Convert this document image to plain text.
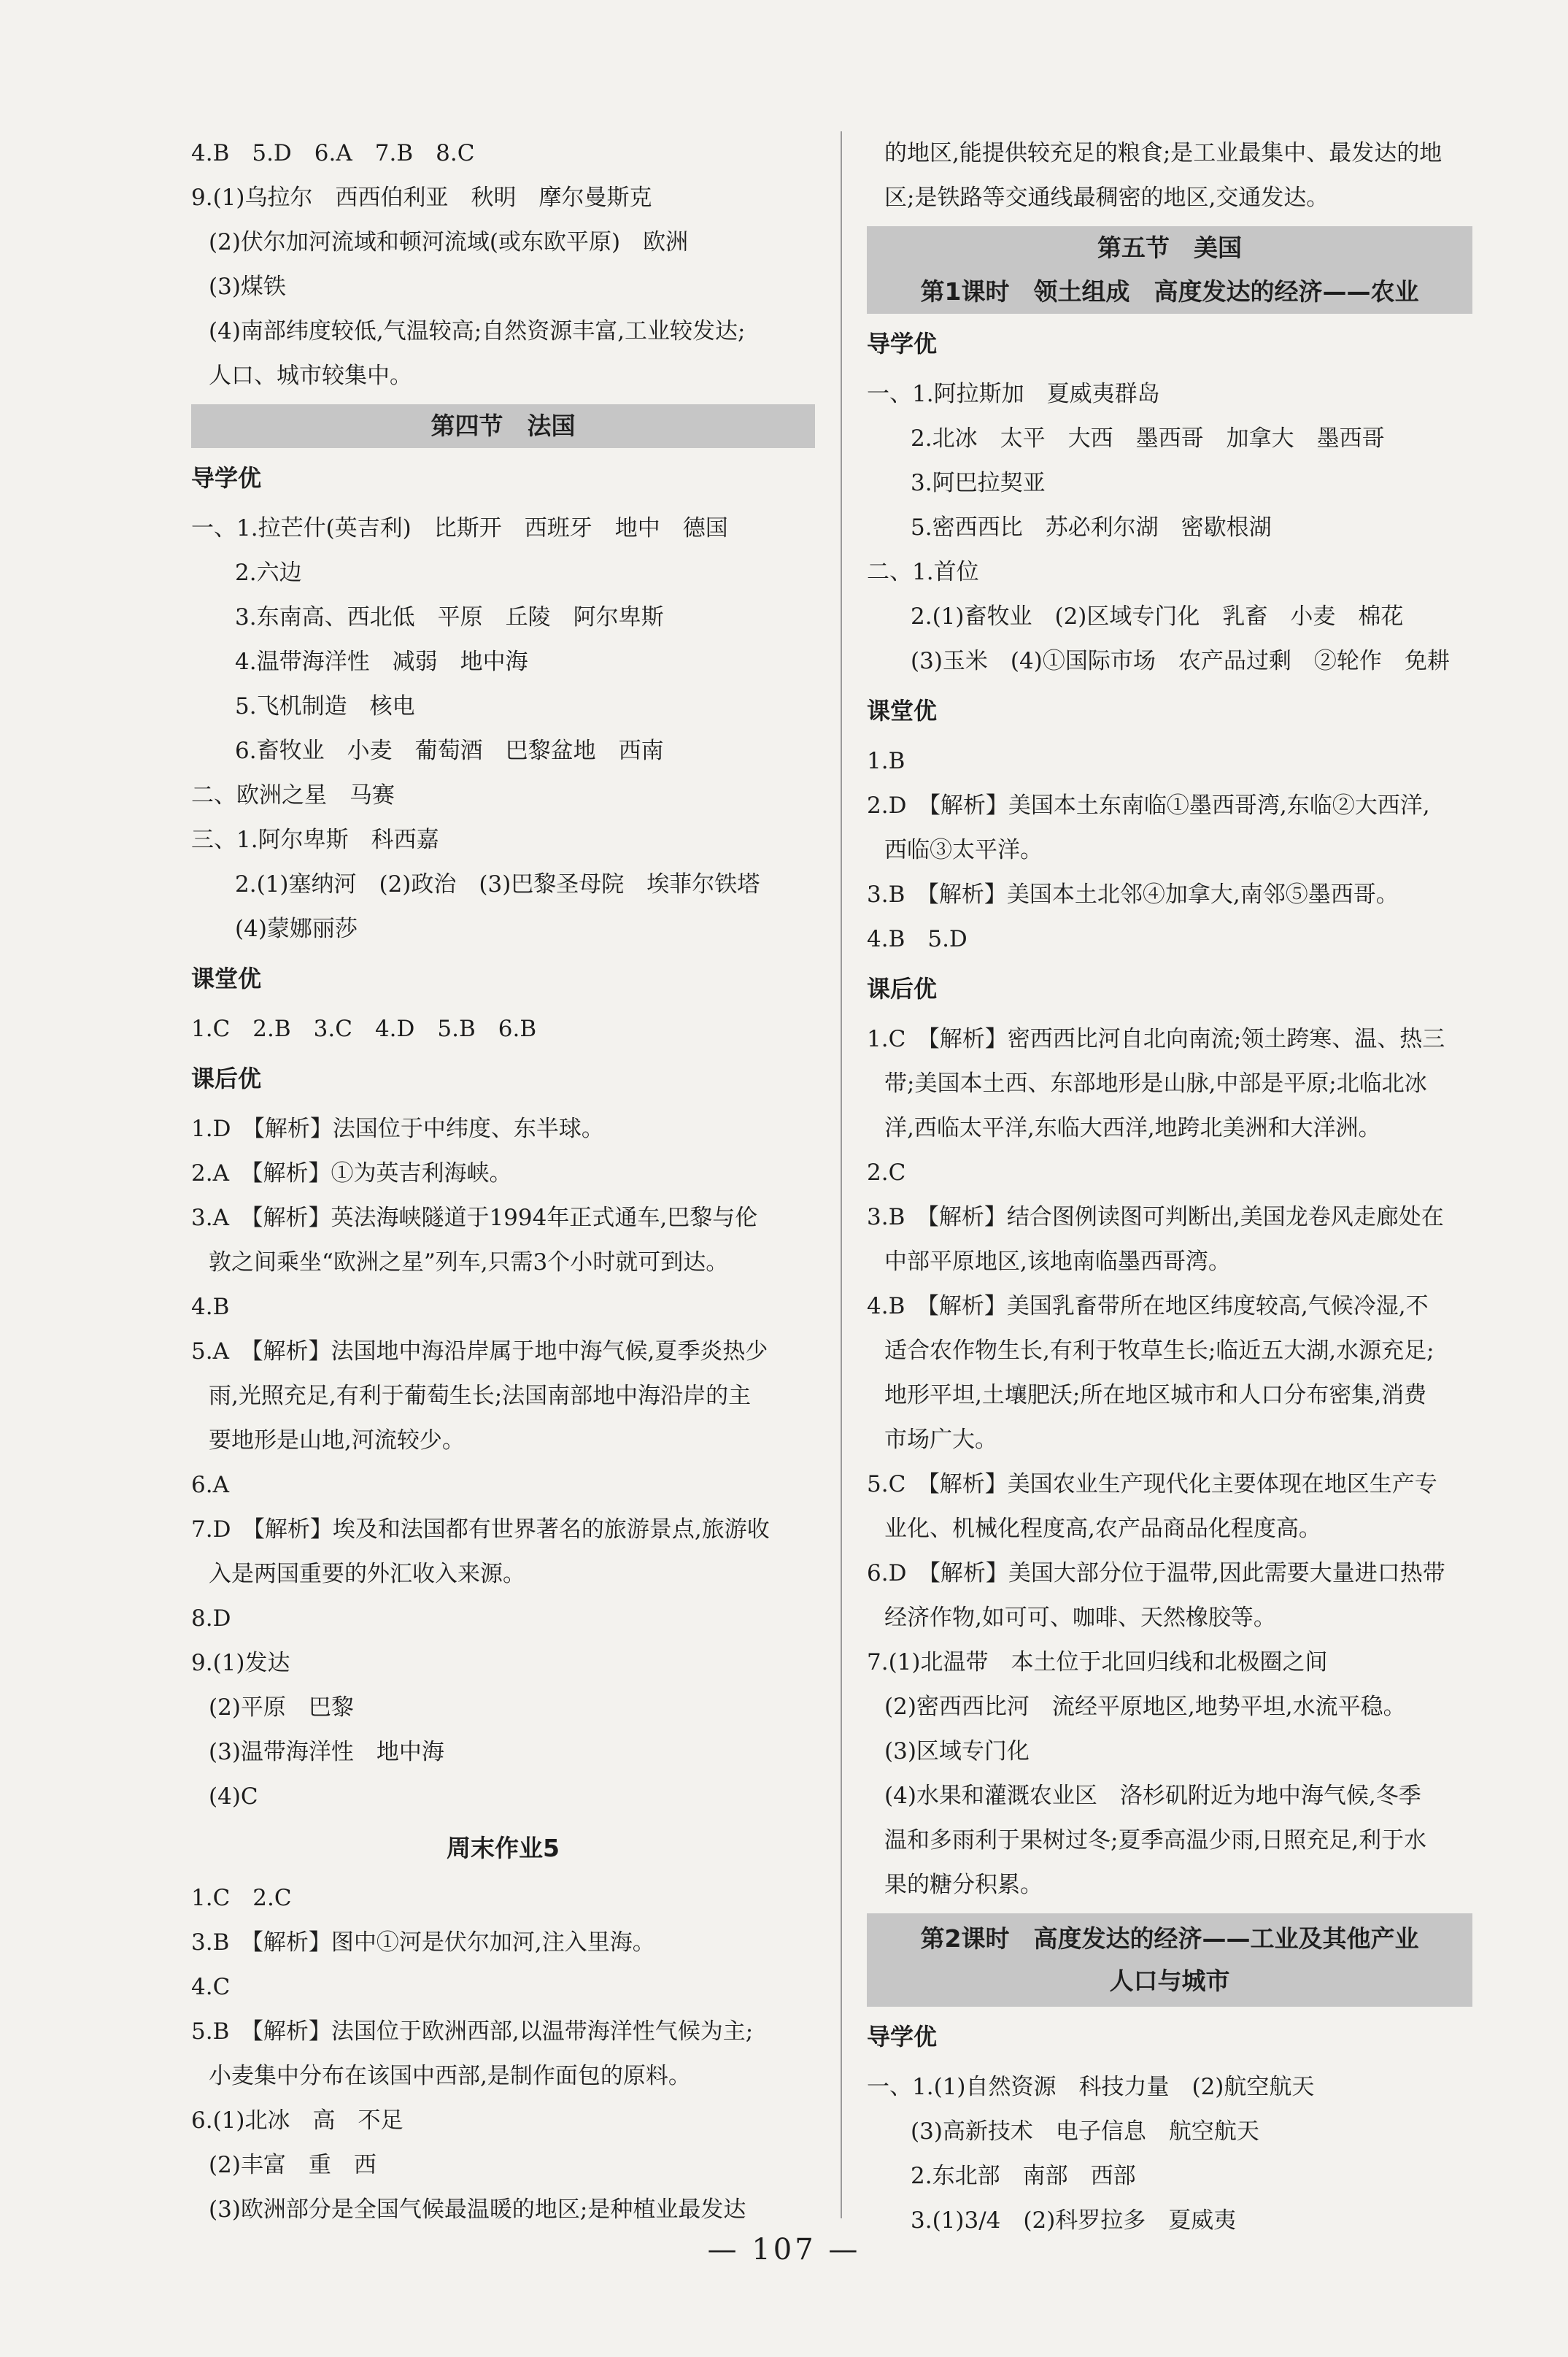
4.B　5.D　6.A　7.B　8.C
9.(1)乌拉尔　西西伯利亚　秋明　摩尔曼斯克
(2)伏尔加河流域和顿河流域(或东欧平原)　欧洲
(3)煤铁
(4)南部纬度较低,气温较高;自然资源丰富,工业较发达;
人口、城市较集中。
第四节　法国
导学优
一、1.拉芒什(英吉利)　比斯开　西班牙　地中　德国
2.六边
3.东南高、西北低　平原　丘陵　阿尔卑斯
4.温带海洋性　减弱　地中海
5.飞机制造　核电
6.畜牧业　小麦　葡萄酒　巴黎盆地　西南
二、欧洲之星　马赛
三、1.阿尔卑斯　科西嘉
2.(1)塞纳河　(2)政治　(3)巴黎圣母院　埃菲尔铁塔
(4)蒙娜丽莎
课堂优
1.C　2.B　3.C　4.D　5.B　6.B
课后优
1.D　【解析】法国位于中纬度、东半球。
2.A　【解析】①为英吉利海峡。
3.A　【解析】英法海峡隧道于1994年正式通车,巴黎与伦
敦之间乘坐“欧洲之星”列车,只需3个小时就可到达。
4.B
5.A　【解析】法国地中海沿岸属于地中海气候,夏季炎热少
雨,光照充足,有利于葡萄生长;法国南部地中海沿岸的主
要地形是山地,河流较少。
6.A
7.D　【解析】埃及和法国都有世界著名的旅游景点,旅游收
入是两国重要的外汇收入来源。
8.D
9.(1)发达
(2)平原　巴黎
(3)温带海洋性　地中海
(4)C
周末作业5
1.C　2.C
3.B　【解析】图中①河是伏尔加河,注入里海。
4.C
5.B　【解析】法国位于欧洲西部,以温带海洋性气候为主;
小麦集中分布在该国中西部,是制作面包的原料。
6.(1)北冰　高　不足
(2)丰富　重　西
(3)欧洲部分是全国气候最温暖的地区;是种植业最发达
的地区,能提供较充足的粮食;是工业最集中、最发达的地
区;是铁路等交通线最稠密的地区,交通发达。
第五节　美国
第1课时　领土组成　高度发达的经济——农业
导学优
一、1.阿拉斯加　夏威夷群岛
2.北冰　太平　大西　墨西哥　加拿大　墨西哥
3.阿巴拉契亚
5.密西西比　苏必利尔湖　密歇根湖
二、1.首位
2.(1)畜牧业　(2)区域专门化　乳畜　小麦　棉花
(3)玉米　(4)①国际市场　农产品过剩　②轮作　免耕
课堂优
1.B
2.D　【解析】美国本土东南临①墨西哥湾,东临②大西洋,
西临③太平洋。
3.B　【解析】美国本土北邻④加拿大,南邻⑤墨西哥。
4.B　5.D
课后优
1.C　【解析】密西西比河自北向南流;领土跨寒、温、热三
带;美国本土西、东部地形是山脉,中部是平原;北临北冰
洋,西临太平洋,东临大西洋,地跨北美洲和大洋洲。
2.C
3.B　【解析】结合图例读图可判断出,美国龙卷风走廊处在
中部平原地区,该地南临墨西哥湾。
4.B　【解析】美国乳畜带所在地区纬度较高,气候冷湿,不
适合农作物生长,有利于牧草生长;临近五大湖,水源充足;
地形平坦,土壤肥沃;所在地区城市和人口分布密集,消费
市场广大。
5.C　【解析】美国农业生产现代化主要体现在地区生产专
业化、机械化程度高,农产品商品化程度高。
6.D　【解析】美国大部分位于温带,因此需要大量进口热带
经济作物,如可可、咖啡、天然橡胶等。
7.(1)北温带　本土位于北回归线和北极圈之间
(2)密西西比河　流经平原地区,地势平坦,水流平稳。
(3)区域专门化
(4)水果和灌溉农业区　洛杉矶附近为地中海气候,冬季
温和多雨利于果树过冬;夏季高温少雨,日照充足,利于水
果的糖分积累。
第2课时　高度发达的经济——工业及其他产业
人口与城市
导学优
一、1.(1)自然资源　科技力量　(2)航空航天
(3)高新技术　电子信息　航空航天
2.东北部　南部　西部
3.(1)3/4　(2)科罗拉多　夏威夷
— 107 —
